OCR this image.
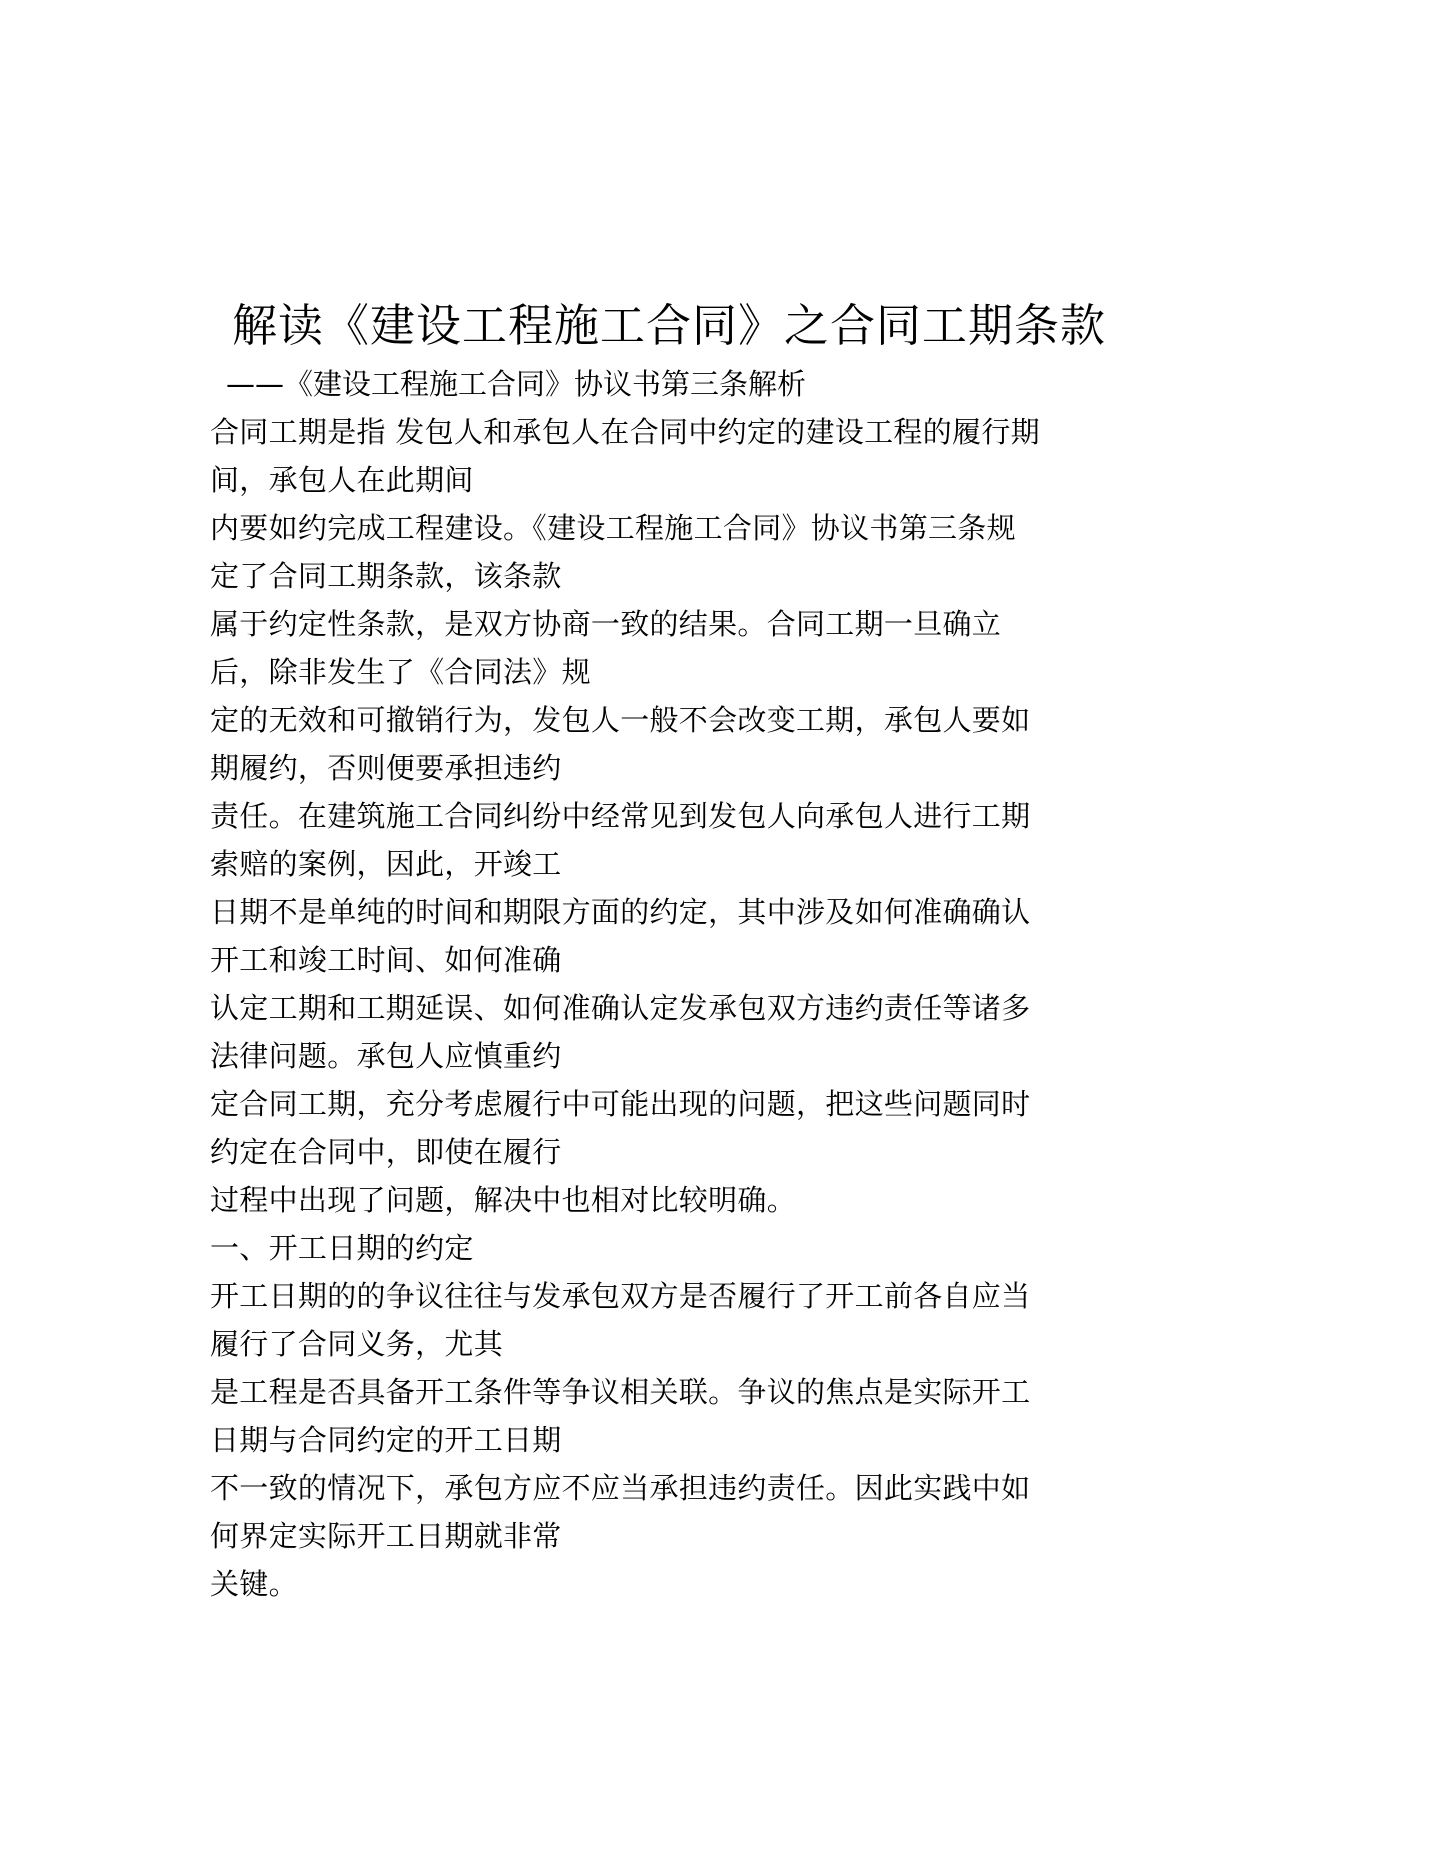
解读《建设工程施工合同》之合同工期条款
——《建设工程施工合同》协议书第三条解析
合同工期是指 发包人和承包人在合同中约定的建设工程的履行期
间，承包人在此期间
内要如约完成工程建设。《建设工程施工合同》协议书第三条规
定了合同工期条款，该条款
属于约定性条款，是双方协商一致的结果。合同工期一旦确立
后，除非发生了《合同法》规
定的无效和可撤销行为，发包人一般不会改变工期，承包人要如
期履约，否则便要承担违约
责任。在建筑施工合同纠纷中经常见到发包人向承包人进行工期
索赔的案例，因此，开竣工
日期不是单纯的时间和期限方面的约定，其中涉及如何准确确认
开工和竣工时间、如何准确
认定工期和工期延误、如何准确认定发承包双方违约责任等诸多
法律问题。承包人应慎重约
定合同工期，充分考虑履行中可能出现的问题，把这些问题同时
约定在合同中，即使在履行
过程中出现了问题，解决中也相对比较明确。
一、开工日期的约定
开工日期的的争议往往与发承包双方是否履行了开工前各自应当
履行了合同义务，尤其
是工程是否具备开工条件等争议相关联。争议的焦点是实际开工
日期与合同约定的开工日期
不一致的情况下，承包方应不应当承担违约责任。因此实践中如
何界定实际开工日期就非常
关键。
